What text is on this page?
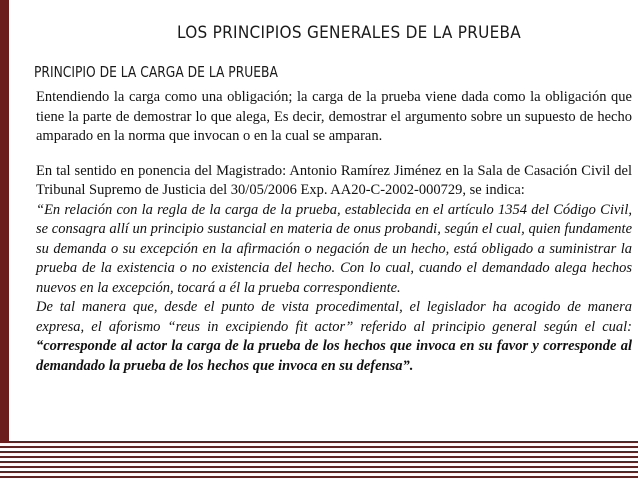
LOS PRINCIPIOS GENERALES DE LA PRUEBA
PRINCIPIO DE LA CARGA DE LA PRUEBA

Entendiendo la carga como una obligación; la carga de la prueba viene dada como la obligación que tiene la parte de demostrar lo que alega, Es decir, demostrar el argumento sobre un supuesto de hecho amparado en la norma que invocan o en la cual se amparan.

En tal sentido en ponencia del Magistrado: Antonio Ramírez Jiménez en la Sala de Casación Civil del Tribunal Supremo de Justicia del 30/05/2006 Exp. AA20-C-2002-000729, se indica:

“En relación con la regla de la carga de la prueba, establecida en el artículo 1354 del Código Civil, se consagra allí un principio sustancial en materia de onus probandi, según el cual, quien fundamente su demanda o su excepción en la afirmación o negación de un hecho, está obligado a suministrar la prueba de la existencia o no existencia del hecho. Con lo cual, cuando el demandado alega hechos nuevos en la excepción, tocará a él la prueba correspondiente.

De tal manera que, desde el punto de vista procedimental, el legislador ha acogido de manera expresa, el aforismo “reus in excipiendo fit actor” referido al principio general según el cual: “corresponde al actor la carga de la prueba de los hechos que invoca en su favor y corresponde al demandado la prueba de los hechos que invoca en su defensa”.
